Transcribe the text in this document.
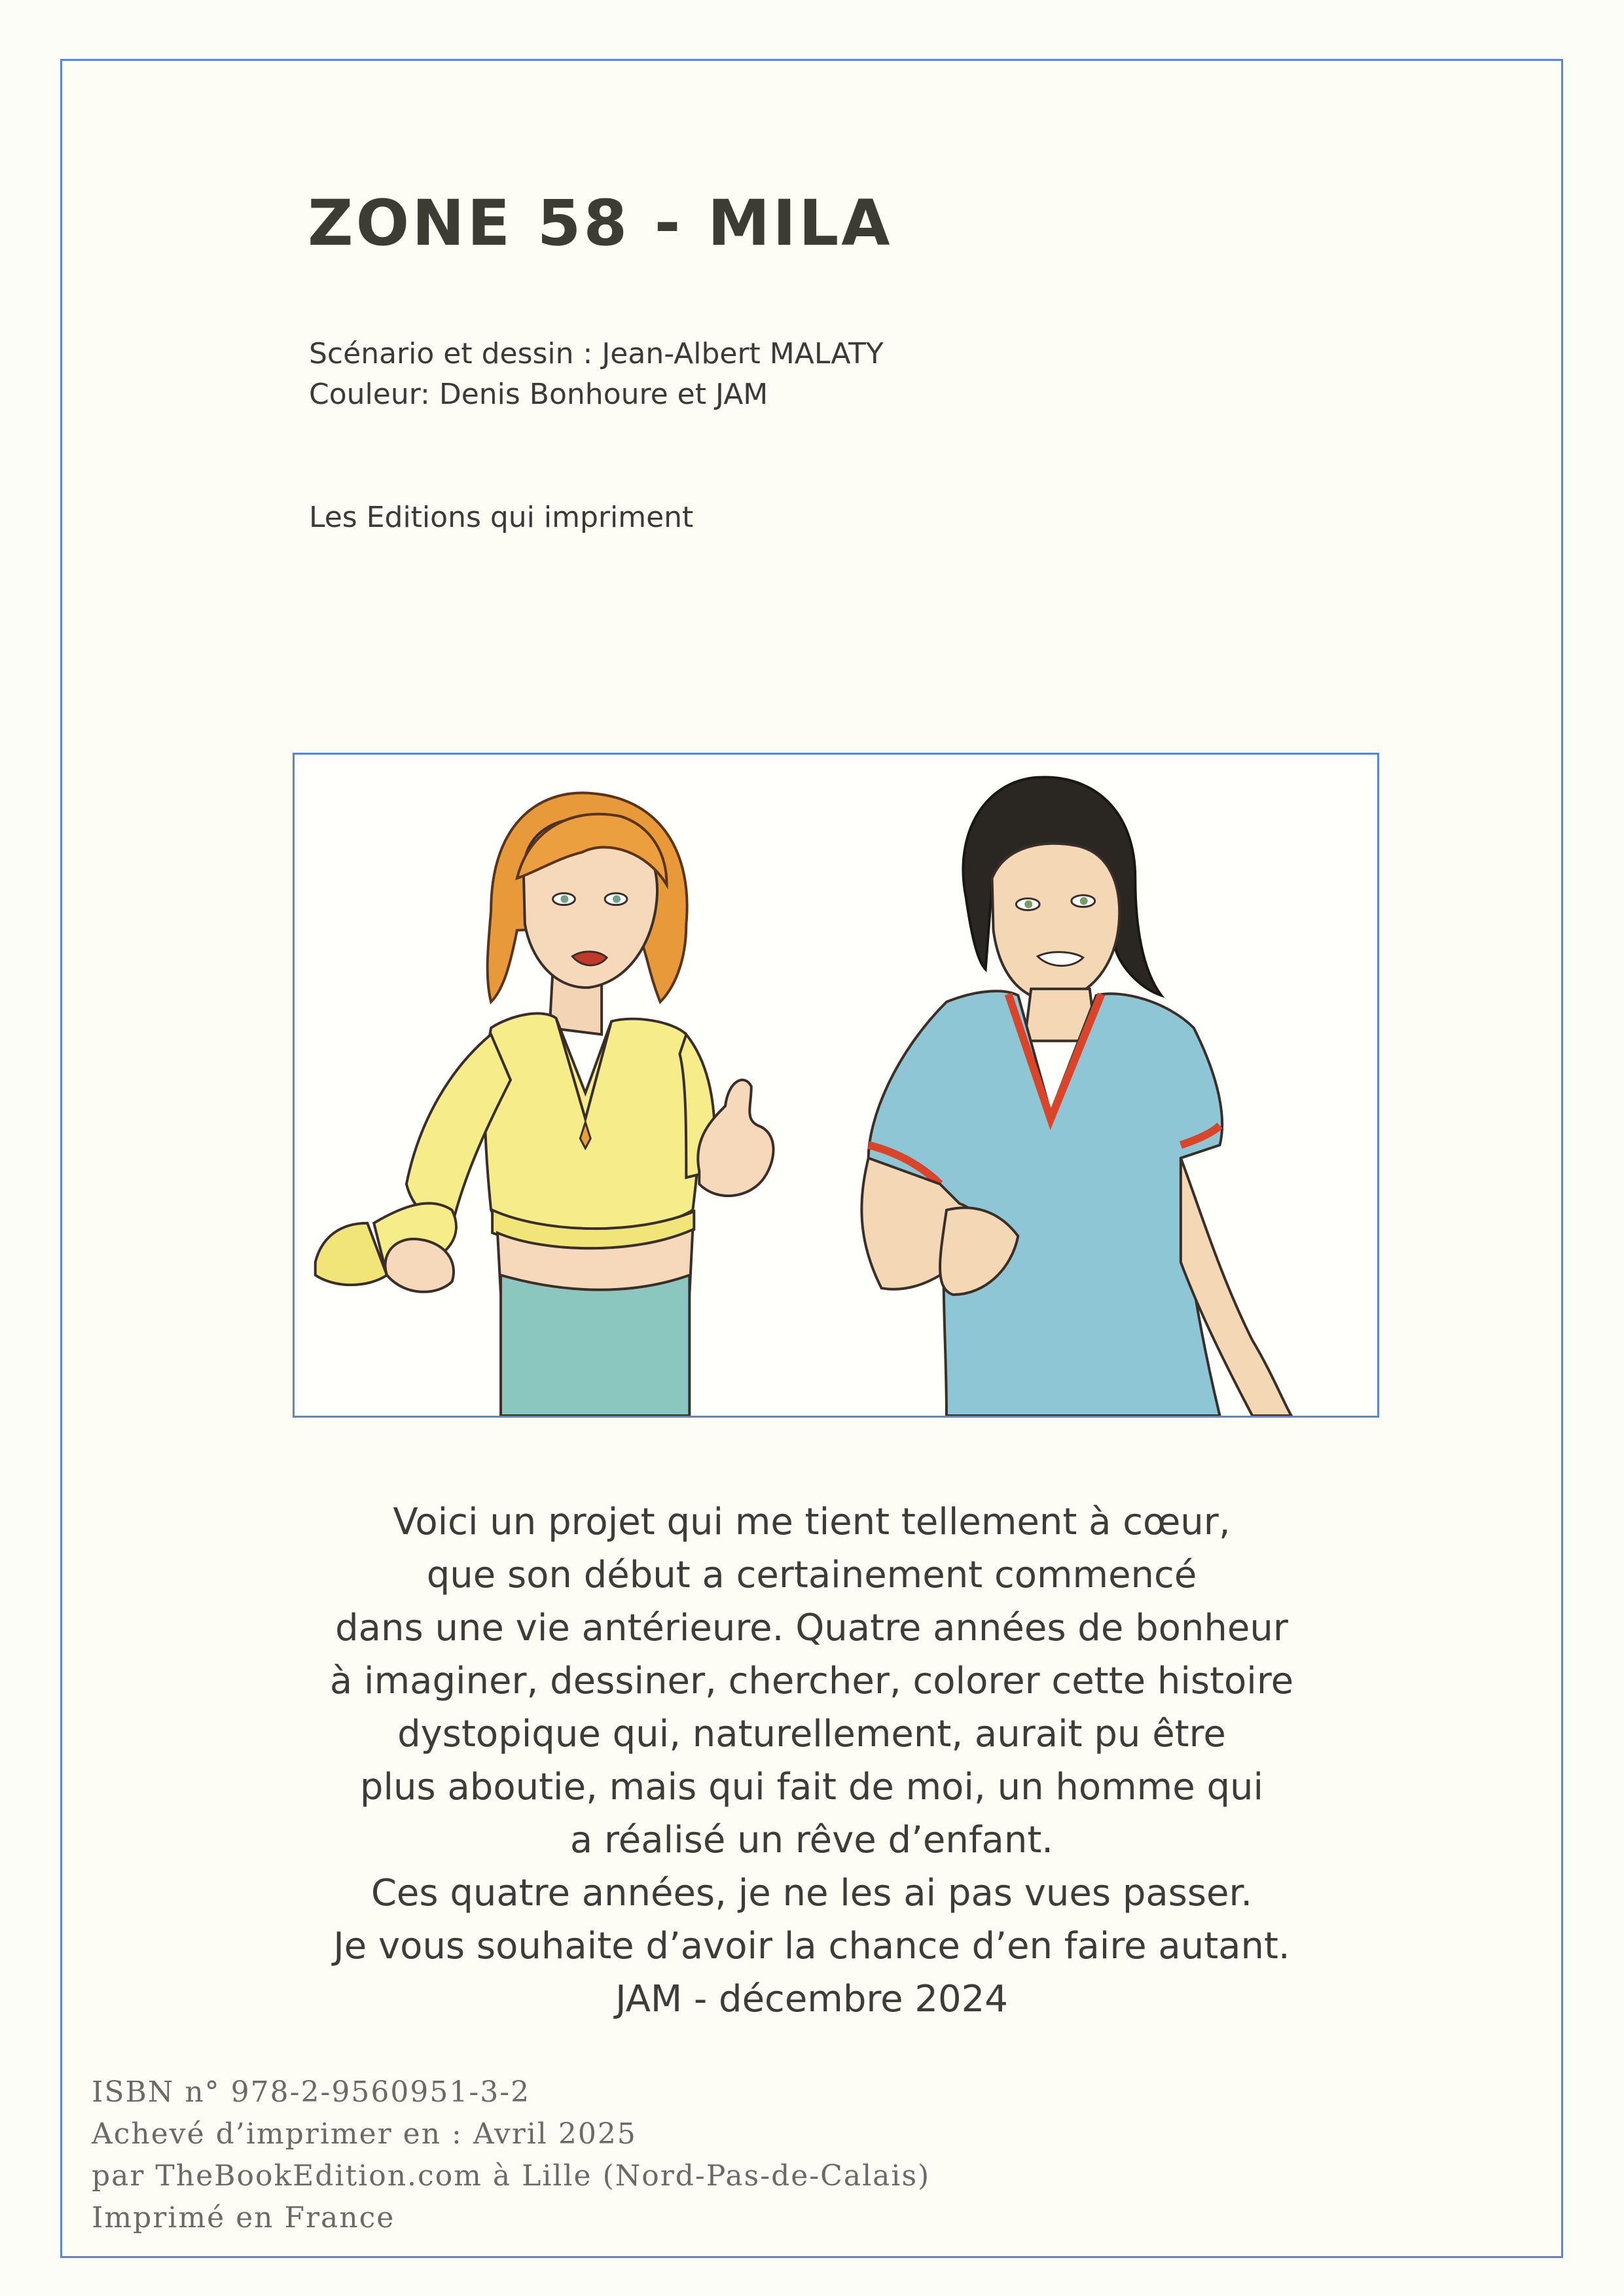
ZONE 58 - MILA
Scénario et dessin : Jean-Albert MALATY
Couleur: Denis Bonhoure et JAM
Les Editions qui impriment
Voici un projet qui me tient tellement à cœur,
que son début a certainement commencé
dans une vie antérieure. Quatre années de bonheur
à imaginer, dessiner, chercher, colorer cette histoire
dystopique qui, naturellement, aurait pu être
plus aboutie, mais qui fait de moi, un homme qui
a réalisé un rêve d’enfant.
Ces quatre années, je ne les ai pas vues passer.
Je vous souhaite d’avoir la chance d’en faire autant.
JAM - décembre 2024
ISBN n° 978-2-9560951-3-2
Achevé d’imprimer en : Avril 2025
par TheBookEdition.com à Lille (Nord-Pas-de-Calais)
Imprimé en France
